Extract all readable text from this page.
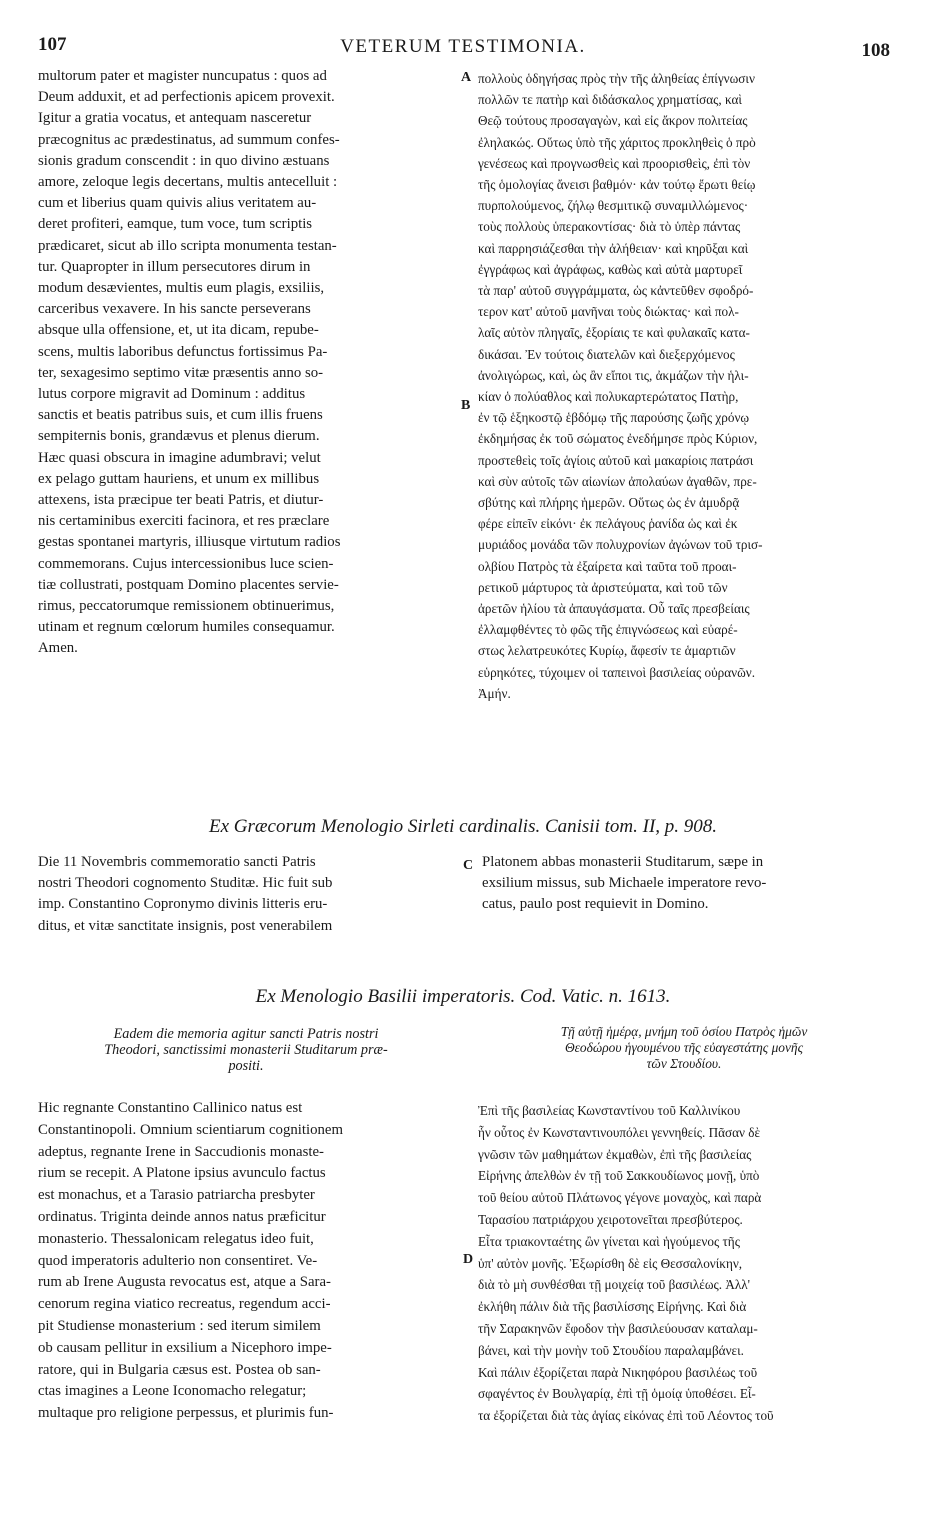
107	VETERUM TESTIMONIA.	108
multorum pater et magister nuncupatus : quos ad
Deum adduxit, et ad perfectionis apicem provexit.
Igitur a gratia vocatus, et antequam nasceretur
præcognitus ac prædestinatus, ad summum confes-
sionis gradum conscendit : in quo divino æstuans
amore, zeloque legis decertans, multis antecelluit :
cum et liberius quam quivis alius veritatem au-
deret profiteri, eamque, tum voce, tum scriptis
prædicaret, sicut ab illo scripta monumenta testan-
tur. Quapropter in illum persecutores dirum in
modum desævientes, multis eum plagis, exsiliis,
carceribus vexavere. In his sancte perseverans
absque ulla offensione, et, ut ita dicam, repube-
scens, multis laboribus defunctus fortissimus Pa-
ter, sexagesimo septimo vitæ præsentis anno so-
lutus corpore migravit ad Dominum : additus
sanctis et beatis patribus suis, et cum illis fruens
sempiternis bonis, grandævus et plenus dierum.
Hæc quasi obscura in imagine adumbravi; velut
ex pelago guttam hauriens, et unum ex millibus
attexens, ista præcipue ter beati Patris, et diutur-
nis certaminibus exerciti facinora, et res præclare
gestas spontanei martyris, illiusque virtutum radios
commemorans. Cujus intercessionibus luce scien-
tiæ collustrati, postquam Domino placentes servie-
rimus, peccatorumque remissionem obtinuerimus,
utinam et regnum cœlorum humiles consequamur.
Amen.
πολλοὺς ὁδηγήσας πρὸς τὴν τῆς ἀληθείας ἐπίγνωσιν
πολλῶν τε πατὴρ καὶ διδάσκαλος χρηματίσας, καὶ
Θεῷ τούτους προσαγαγὼν, καὶ εἰς ἄκρον πολιτείας
ἐληλακώς. Οὕτως ὑπὸ τῆς χάριτος προκληθεὶς ὁ πρὸ
γενέσεως καὶ προγνωσθεὶς καὶ προορισθεὶς, ἐπὶ τὸν
τῆς ὁμολογίας ἄνεισι βαθμόν· κἀν τούτῳ ἔρωτι θείῳ
πυρπολούμενος, ζήλῳ θεσμιτικῷ συναμιλλώμενος·
τοὺς πολλοὺς ὑπερακοντίσας· διὰ τὸ ὑπὲρ πάντας
καὶ παρρησιάζεσθαι τὴν ἀλήθειαν· καὶ κηρῦξαι καὶ
ἐγγράφως καὶ ἀγράφως, καθὼς καὶ αὐτὰ μαρτυρεῖ
τὰ παρ' αὐτοῦ συγγράμματα, ὡς κἀντεῦθεν σφοδρό-
τερον κατ' αὐτοῦ μανῆναι τοὺς διώκτας· καὶ πολ-
λαῖς αὐτὸν πληγαῖς, ἐξορίαις τε καὶ φυλακαῖς κατα-
δικάσαι. Ἐν τούτοις διατελῶν καὶ διεξερχόμενος
ἀνολιγώρως, καὶ, ὡς ἂν εἴποι τις, ἀκμάζων τὴν ἡλι-
κίαν ὁ πολύαθλος καὶ πολυκαρτερώτατος Πατὴρ,
ἐν τῷ ἑξηκοστῷ ἑβδόμῳ τῆς παρούσης ζωῆς χρόνῳ
ἐκδημήσας ἐκ τοῦ σώματος ἐνεδήμησε πρὸς Κύριον,
προστεθεὶς τοῖς ἁγίοις αὐτοῦ καὶ μακαρίοις πατράσι
καὶ σὺν αὐτοῖς τῶν αἰωνίων ἀπολαύων ἀγαθῶν, πρε-
σβύτης καὶ πλήρης ἡμερῶν. Οὕτως ὡς ἐν ἀμυδρᾷ
φέρε εἰπεῖν εἰκόνι· ἐκ πελάγους ῥανίδα ὡς καὶ ἐκ
μυριάδος μονάδα τῶν πολυχρονίων ἀγώνων τοῦ τρισ-
ολβίου Πατρὸς τὰ ἐξαίρετα καὶ ταῦτα τοῦ προαι-
ρετικοῦ μάρτυρος τὰ ἀριστεύματα, καὶ τοῦ τῶν
ἀρετῶν ἡλίου τὰ ἀπαυγάσματα. Οὗ ταῖς πρεσβείαις
ἐλλαμφθέντες τὸ φῶς τῆς ἐπιγνώσεως καὶ εὐαρέ-
στως λελατρευκότες Κυρίῳ, ἄφεσίν τε ἁμαρτιῶν
εὑρηκότες, τύχοιμεν οἱ ταπεινοὶ βασιλείας οὐρανῶν.
Ἀμήν.
A
B
Ex Græcorum Menologio Sirleti cardinalis. Canisii tom. II, p. 908.
Die 11 Novembris commemoratio sancti Patris
nostri Theodori cognomento Studitæ. Hic fuit sub
imp. Constantino Copronymo divinis litteris eru-
ditus, et vitæ sanctitate insignis, post venerabilem
C Platonem abbas monasterii Studitarum, sæpe in
exsilium missus, sub Michaele imperatore revo-
catus, paulo post requievit in Domino.
Ex Menologio Basilii imperatoris. Cod. Vatic. n. 1613.
Eadem die memoria agitur sancti Patris nostri
Theodori, sanctissimi monasterii Studitarum præ-
positi.
Τῇ αὐτῇ ἡμέρᾳ, μνήμη τοῦ ὁσίου Πατρὸς ἡμῶν
Θεοδώρου ἡγουμένου τῆς εὐαγεστάτης μονῆς
τῶν Στουδίου.
Hic regnante Constantino Callinico natus est
Constantinopoli. Omnium scientiarum cognitionem
adeptus, regnante Irene in Saccudionis monaste-
rium se recepit. A Platone ipsius avunculo factus
est monachus, et a Tarasio patriarcha presbyter
ordinatus. Triginta deinde annos natus præficitur
monasterio. Thessalonicam relegatus ideo fuit,
quod imperatoris adulterio non consentiret. Ve-
rum ab Irene Augusta revocatus est, atque a Sara-
cenorum regina viatico recreatus, regendum acci-
pit Studiense monasterium : sed iterum similem
ob causam pellitur in exsilium a Nicephoro impe-
ratore, qui in Bulgaria cæsus est. Postea ob san-
ctas imagines a Leone Iconomacho relegatur;
multaque pro religione perpessus, et plurimis fun-
D
Ἐπὶ τῆς βασιλείας Κωνσταντίνου τοῦ Καλλινίκου
ἦν οὗτος ἐν Κωνσταντινουπόλει γεννηθείς. Πᾶσαν δὲ
γνῶσιν τῶν μαθημάτων ἐκμαθὼν, ἐπὶ τῆς βασιλείας
Εἰρήνης ἀπελθὼν ἐν τῇ τοῦ Σακκουδίωνος μονῇ, ὑπὸ
τοῦ θείου αὐτοῦ Πλάτωνος γέγονε μοναχὸς, καὶ παρὰ
Ταρασίου πατριάρχου χειροτονεῖται πρεσβύτερος.
Εἶτα τριακονταέτης ὢν γίνεται καὶ ἡγούμενος τῆς
ὑπ' αὐτὸν μονῆς. Ἐξωρίσθη δὲ εἰς Θεσσαλονίκην,
διὰ τὸ μὴ συνθέσθαι τῇ μοιχείᾳ τοῦ βασιλέως. Ἀλλ'
ἐκλήθη πάλιν διὰ τῆς βασιλίσσης Εἰρήνης. Καὶ διὰ
τῆν Σαρακηνῶν ἔφοδον τὴν βασιλεύουσαν καταλαμ-
βάνει, καὶ τὴν μονὴν τοῦ Στουδίου παραλαμβάνει.
Καὶ πάλιν ἐξορίζεται παρὰ Νικηφόρου βασιλέως τοῦ
σφαγέντος ἐν Βουλγαρίᾳ, ἐπὶ τῇ ὁμοίᾳ ὑποθέσει. Εἶ-
τα ἐξορίζεται διὰ τὰς ἁγίας εἰκόνας ἐπὶ τοῦ Λέοντος τοῦ
